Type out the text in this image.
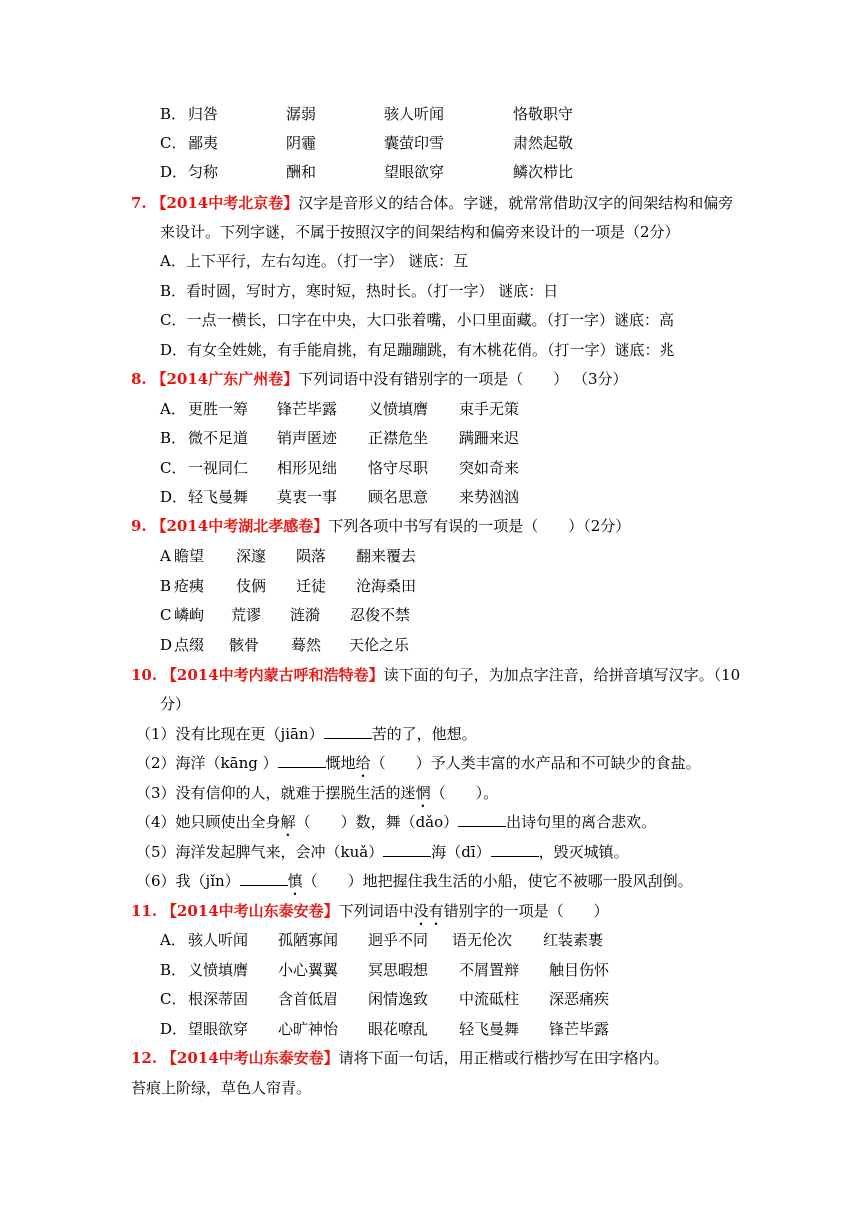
B． 归咎	潺弱	骇人听闻	恪敬职守
C． 鄙夷	阴霾	囊萤印雪	肃然起敬
D． 匀称	酬和	望眼欲穿	鳞次栉比
7. 【2014中考北京卷】汉字是音形义的结合体。字谜，就常常借助汉字的间架结构和偏旁
来设计。下列字谜，不属于按照汉字的间架结构和偏旁来设计的一项是（2分）
A．上下平行，左右勾连。（打一字） 谜底：互
B．看时圆，写时方，寒时短，热时长。（打一字） 谜底：日
C．一点一横长，口字在中央，大口张着嘴，小口里面藏。（打一字）谜底：高
D．有女全姓姚，有手能肩挑，有足蹦蹦跳，有木桃花俏。（打一字）谜底：兆
8. 【2014广东广州卷】下列词语中没有错别字的一项是（　　） （3分）
A． 更胜一筹 锋芒毕露 义愤填膺 束手无策
B． 微不足道 销声匿迹 正襟危坐 蹒跚来迟
C． 一视同仁 相形见绌 恪守尽职 突如奇来
D． 轻飞曼舞 莫衷一事 顾名思意 来势汹汹
9. 【2014中考湖北孝感卷】下列各项中书写有误的一项是（　　）（2分）
A 瞻望 深邃 陨落 翻来覆去
B 疮痍 伎俩 迁徒 沧海桑田
C 嶙峋 荒谬 涟漪 忍俊不禁
D 点缀 骸骨 蓦然 天伦之乐
10. 【2014中考内蒙古呼和浩特卷】读下面的句子，为加点字注音，给拼音填写汉字。（10
分）
（1）没有比现在更（jiān）	苦的了，他想。
（2）海洋（kāng ）	慨地给（　　）予人类丰富的水产品和不可缺少的食盐。
（3）没有信仰的人，就难于摆脱生活的迷惘（　　）。
（4）她只顾使出全身解（　　）数，舞（dǎo）	出诗句里的离合悲欢。
（5）海洋发起脾气来，会冲（kuǎ）	海（dī）	，毁灭城镇。
（6）我（jǐn）	慎（　　）地把握住我生活的小船，使它不被哪一股风刮倒。
11. 【2014中考山东泰安卷】下列词语中没有错别字的一项是（　　）
A． 骇人听闻 孤陋寡闻 迥乎不同 语无伦次 红装素裹
B． 义愤填膺 小心翼翼 冥思暇想 不屑置辩 触目伤怀
C． 根深蒂固 含首低眉 闲情逸致 中流砥柱 深恶痛疾
D． 望眼欲穿 心旷神怡 眼花嘹乱 轻飞曼舞 锋芒毕露
12. 【2014中考山东泰安卷】请将下面一句话，用正楷或行楷抄写在田字格内。
苔痕上阶绿，草色人帘青。
